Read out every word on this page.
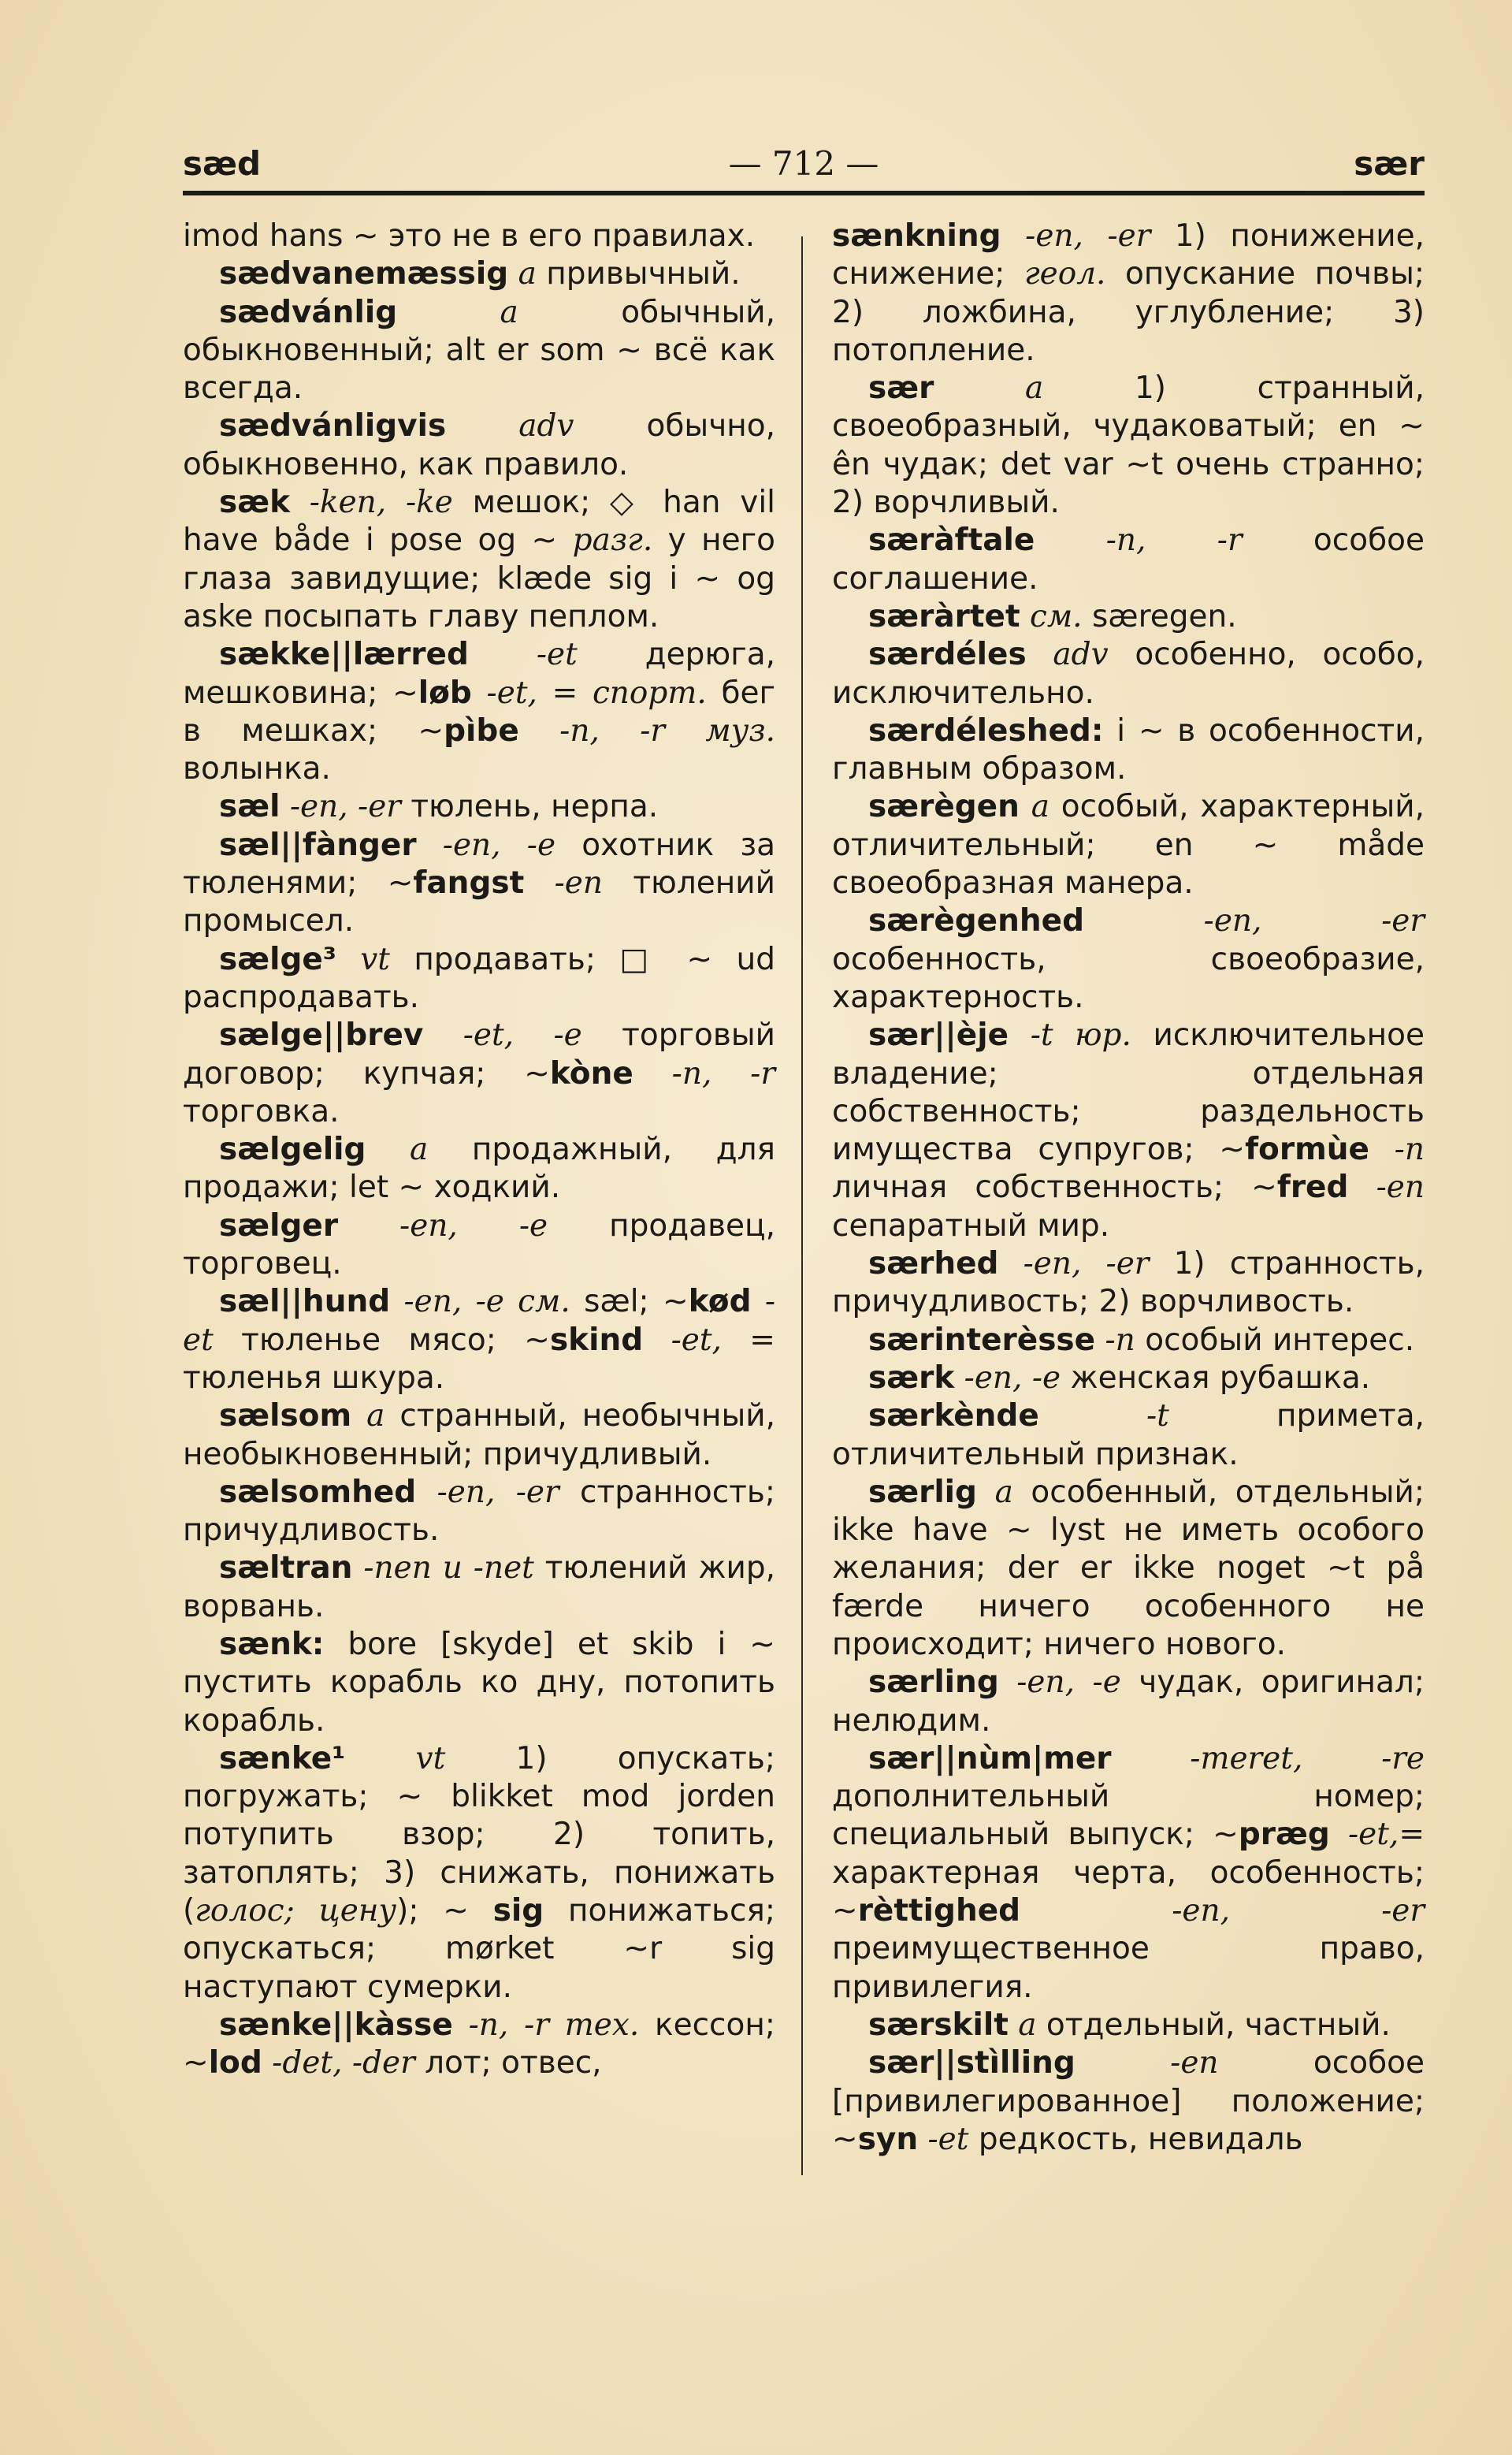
sæd	— 712 —	sær

imod hans ~ это не в его правилах.

sædvanemæssig a привычный.

sædvánlig a обычный, обыкновенный; alt er som ~ всё как всегда.

sædvánligvis adv обычно, обыкновенно, как правило.

sæk -ken, -ke мешок; ◇ han vil have både i pose og ~ разг. у него глаза завидущие; klæde sig i ~ og aske посыпать главу пеплом.

sække||lærred -et дерюга, мешковина; ~løb -et, = спорт. бег в мешках; ~pìbe -n, -r муз. волынка.

sæl -en, -er тюлень, нерпа.

sæl||fànger -en, -e охотник за тюленями; ~fangst -en тюлений промысел.

sælge³ vt продавать; □ ~ ud распродавать.

sælge||brev -et, -e торговый договор; купчая; ~kòne -n, -r торговка.

sælgelig a продажный, для продажи; let ~ ходкий.

sælger -en, -e продавец, торговец.

sæl||hund -en, -e см. sæl; ~kød -et тюленье мясо; ~skind -et, = тюленья шкура.

sælsom a странный, необычный, необыкновенный; причудливый.

sælsomhed -en, -er странность; причудливость.

sæltran -nen u -net тюлений жир, ворвань.

sænk: bore [skyde] et skib i ~ пустить корабль ко дну, потопить корабль.

sænke¹ vt 1) опускать; погружать; ~ blikket mod jorden потупить взор; 2) топить, затоплять; 3) снижать, понижать (голос; цену); ~ sig понижаться; опускаться; mørket ~r sig наступают сумерки.

sænke||kàsse -n, -r тех. кессон; ~lod -det, -der лот; отвес,

sænkning -en, -er 1) понижение, снижение; геол. опускание почвы; 2) ложбина, углубление; 3) потопление.

sær a 1) странный, своеобразный, чудаковатый; en ~ ên чудак; det var ~t очень странно; 2) ворчливый.

særàftale -n, -r особое соглашение.

særàrtet см. særegen.

særdéles adv особенно, особо, исключительно.

særdéleshed: i ~ в особенности, главным образом.

særègen a особый, характерный, отличительный; en ~ måde своеобразная манера.

særègenhed -en, -er особенность, своеобразие, характерность.

sær||èje -t юр. исключительное владение; отдельная собственность; раздельность имущества супругов; ~formùe -n личная собственность; ~fred -en сепаратный мир.

særhed -en, -er 1) странность, причудливость; 2) ворчливость.

særinterèsse -n особый интерес.

særk -en, -e женская рубашка.

særkènde -t примета, отличительный признак.

særlig a особенный, отдельный; ikke have ~ lyst не иметь особого желания; der er ikke noget ~t på færde ничего особенного не происходит; ничего нового.

særling -en, -e чудак, оригинал; нелюдим.

sær||nùm|mer -meret, -re дополнительный номер; специальный выпуск; ~præg -et,= характерная черта, особенность; ~rèttighed -en, -er преимущественное право, привилегия.

særskilt a отдельный, частный.

sær||stìlling -en особое [привилегированное] положение; ~syn -et редкость, невидаль
